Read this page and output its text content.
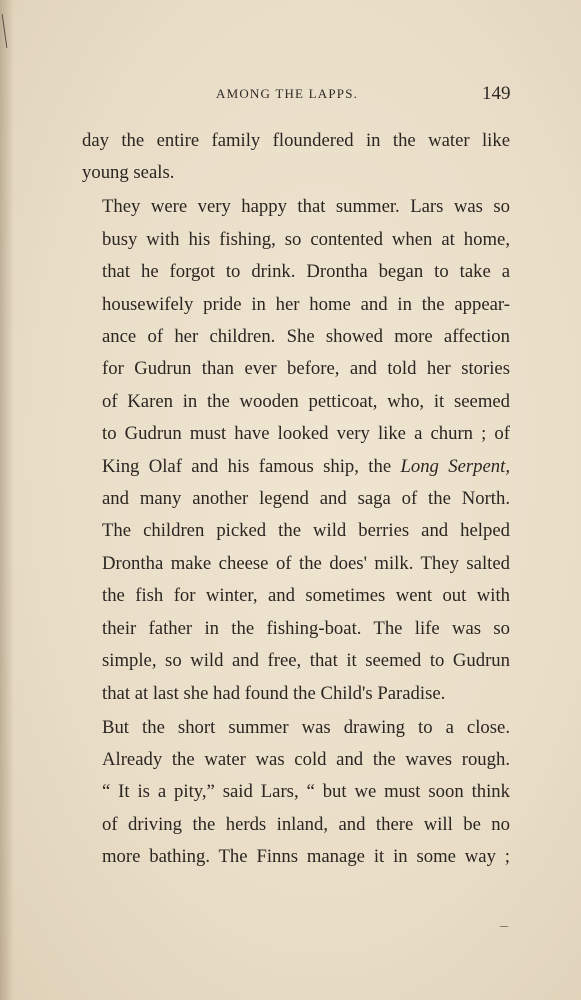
AMONG THE LAPPS.	149

day the entire family floundered in the water like
young seals.

They were very happy that summer. Lars was so
busy with his fishing, so contented when at home,
that he forgot to drink. Drontha began to take a
housewifely pride in her home and in the appear-
ance of her children. She showed more affection
for Gudrun than ever before, and told her stories
of Karen in the wooden petticoat, who, it seemed
to Gudrun must have looked very like a churn ; of
King Olaf and his famous ship, the Long Serpent,
and many another legend and saga of the North.
The children picked the wild berries and helped
Drontha make cheese of the does' milk. They salted
the fish for winter, and sometimes went out with
their father in the fishing-boat. The life was so
simple, so wild and free, that it seemed to Gudrun
that at last she had found the Child's Paradise.

But the short summer was drawing to a close.
Already the water was cold and the waves rough.
“ It is a pity,” said Lars, “ but we must soon think
of driving the herds inland, and there will be no
more bathing. The Finns manage it in some way ;
